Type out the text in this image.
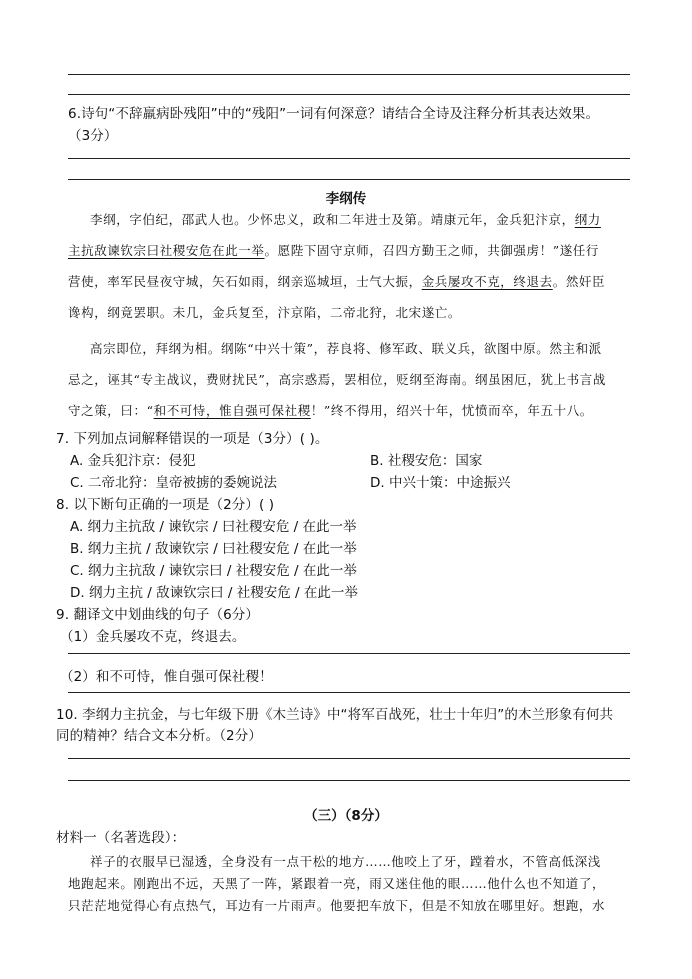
6.诗句“不辞羸病卧残阳”中的“残阳”一词有何深意？请结合全诗及注释分析其表达效果。
（3分）
李纲传
李纲，字伯纪，邵武人也。少怀忠义，政和二年进士及第。靖康元年，金兵犯汴京，纲力
主抗敌谏钦宗曰社稷安危在此一举。愿陛下固守京师，召四方勤王之师，共御强虏！”遂任行
营使，率军民昼夜守城，矢石如雨，纲亲巡城垣，士气大振，金兵屡攻不克，终退去。然奸臣
谗构，纲竟罢职。未几，金兵复至，汴京陷，二帝北狩，北宋遂亡。
高宗即位，拜纲为相。纲陈“中兴十策”，荐良将、修军政、联义兵，欲图中原。然主和派
忌之，诬其“专主战议，费财扰民”，高宗惑焉，罢相位，贬纲至海南。纲虽困厄，犹上书言战
守之策，曰：“和不可恃，惟自强可保社稷！”终不得用，绍兴十年，忧愤而卒，年五十八。
7. 下列加点词解释错误的一项是（3分）( )。
A. 金兵犯汴京：侵犯	B. 社稷安危：国家
C. 二帝北狩：皇帝被掳的委婉说法	D. 中兴十策：中途振兴
8. 以下断句正确的一项是（2分）( )
A. 纲力主抗敌 / 谏钦宗 / 曰社稷安危 / 在此一举
B. 纲力主抗 / 敌谏钦宗 / 曰社稷安危 / 在此一举
C. 纲力主抗敌 / 谏钦宗曰 / 社稷安危 / 在此一举
D. 纲力主抗 / 敌谏钦宗曰 / 社稷安危 / 在此一举
9. 翻译文中划曲线的句子（6分）
（1）金兵屡攻不克，终退去。
（2）和不可恃，惟自强可保社稷！
10. 李纲力主抗金，与七年级下册《木兰诗》中“将军百战死，壮士十年归”的木兰形象有何共
同的精神？结合文本分析。（2分）
（三）（8分）
材料一（名著选段）：
祥子的衣服早已湿透，全身没有一点干松的地方……他咬上了牙，蹚着水，不管高低深浅
地跑起来。刚跑出不远，天黑了一阵，紧跟着一亮，雨又迷住他的眼……他什么也不知道了，
只茫茫地觉得心有点热气，耳边有一片雨声。他要把车放下，但是不知放在哪里好。想跑，水
